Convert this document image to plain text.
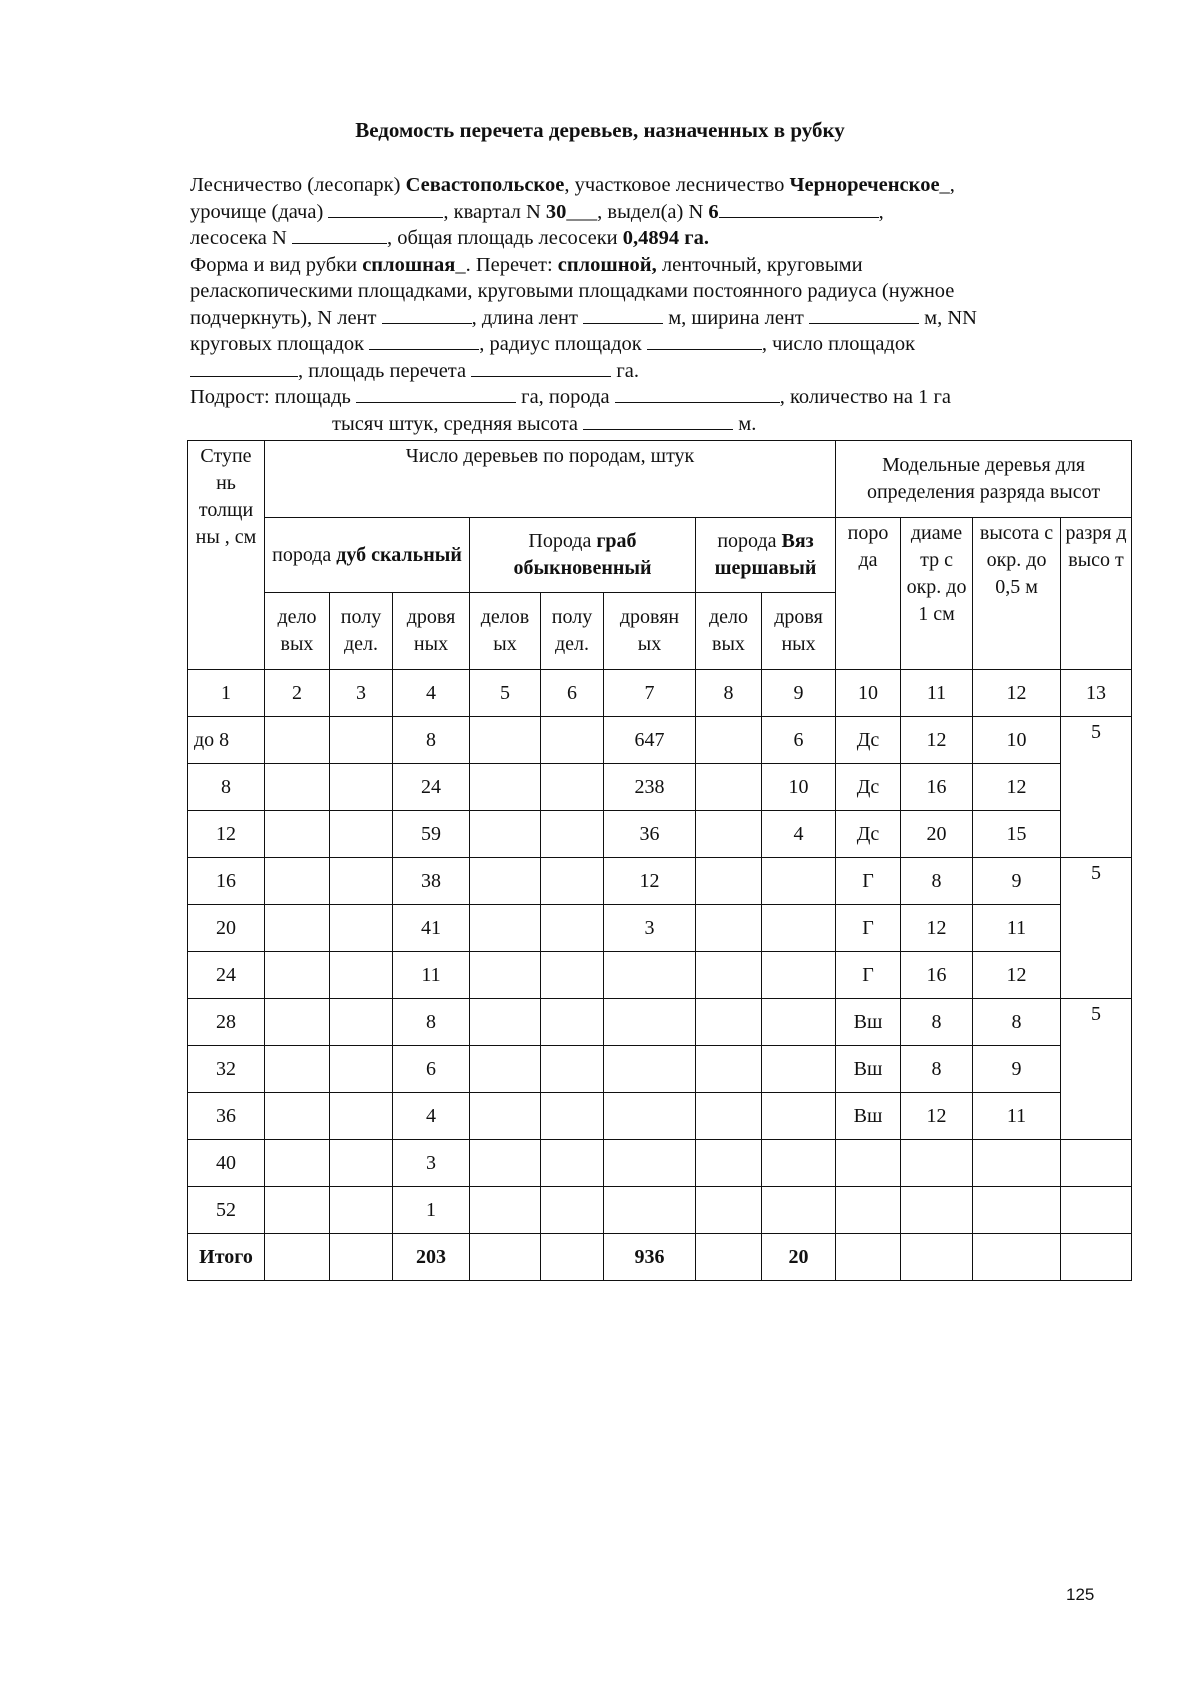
Ведомость перечета деревьев, назначенных в рубку
Лесничество (лесопарк) Севастопольское, участковое лесничество Чернореченское_,
урочище (дача)	, квартал N 30___, выдел(а) N 6	,
лесосека N	, общая площадь лесосеки 0,4894 га.
Форма и вид рубки сплошная_. Перечет: сплошной, ленточный, круговыми
реласкопическими площадками, круговыми площадками постоянного радиуса (нужное
подчеркнуть), N лент	, длина лент	м, ширина лент	м, NN
круговых площадок	, радиус площадок	, число площадок
, площадь перечета	га.
Подрост: площадь	га, порода	, количество на 1 га
тысяч штук, средняя высота	м.
Ступе нь толщи ны , см	Число деревьев по породам, штук								Модельные деревья для определения разряда высот			
	порода дуб скальный			Порода граб обыкновенный			порода Вяз шершавый		поро да	диаме тр с окр. до 1 см	высота с окр. до 0,5 м	разря д высо т
	дело вых	полу дел.	дровя ных	делов ых	полу дел.	дровян ых	дело вых	дровя ных				
1	2	3	4	5	6	7	8	9	10	11	12	13
до 8			8			647		6	Дс	12	10	5
8			24			238		10	Дс	16	12	
12			59			36		4	Дс	20	15	
16			38			12			Г	8	9	5
20			41			3			Г	12	11	
24			11						Г	16	12	
28			8						Вш	8	8	5
32			6						Вш	8	9	
36			4						Вш	12	11	
40			3									
52			1									
Итого			203			936		20				
125
